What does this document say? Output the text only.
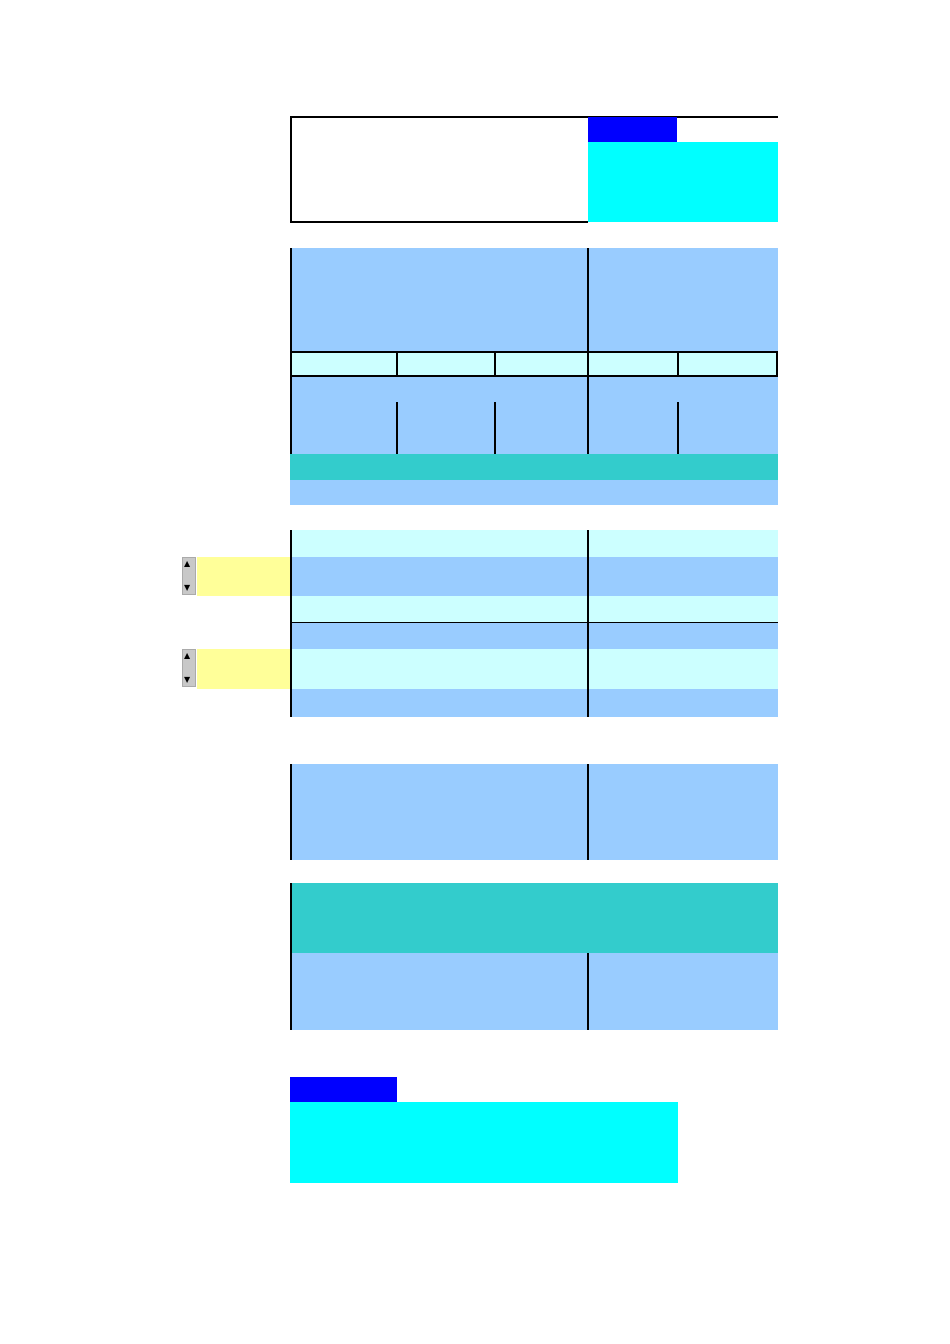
▲ ▼
▲ ▼
